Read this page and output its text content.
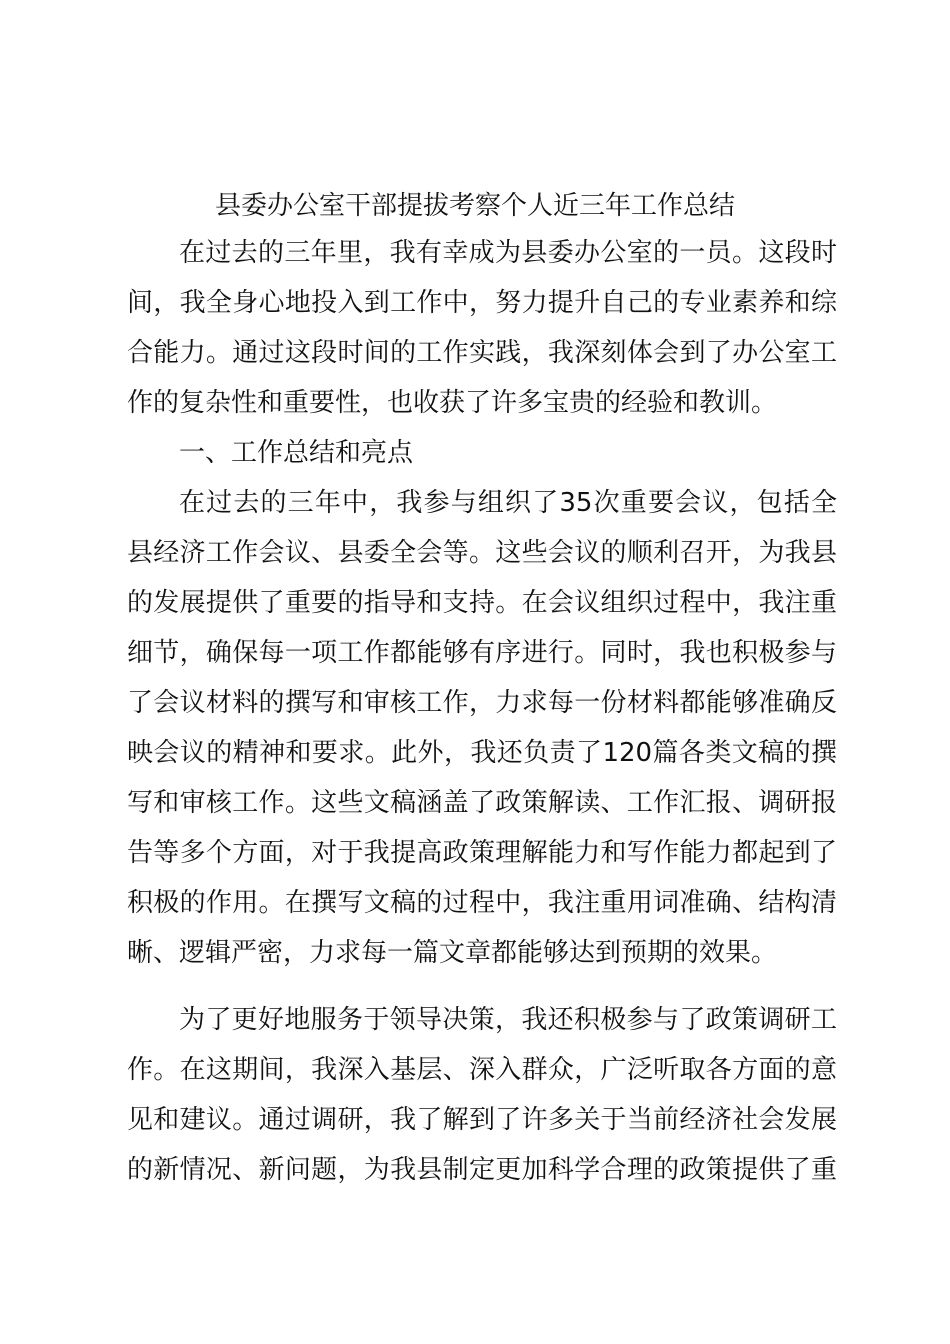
县委办公室干部提拔考察个人近三年工作总结
在过去的三年里，我有幸成为县委办公室的一员。这段时
间，我全身心地投入到工作中，努力提升自己的专业素养和综
合能力。通过这段时间的工作实践，我深刻体会到了办公室工
作的复杂性和重要性，也收获了许多宝贵的经验和教训。
一、工作总结和亮点
在过去的三年中，我参与组织了35次重要会议，包括全
县经济工作会议、县委全会等。这些会议的顺利召开，为我县
的发展提供了重要的指导和支持。在会议组织过程中，我注重
细节，确保每一项工作都能够有序进行。同时，我也积极参与
了会议材料的撰写和审核工作，力求每一份材料都能够准确反
映会议的精神和要求。此外，我还负责了120篇各类文稿的撰
写和审核工作。这些文稿涵盖了政策解读、工作汇报、调研报
告等多个方面，对于我提高政策理解能力和写作能力都起到了
积极的作用。在撰写文稿的过程中，我注重用词准确、结构清
晰、逻辑严密，力求每一篇文章都能够达到预期的效果。
为了更好地服务于领导决策，我还积极参与了政策调研工
作。在这期间，我深入基层、深入群众，广泛听取各方面的意
见和建议。通过调研，我了解到了许多关于当前经济社会发展
的新情况、新问题，为我县制定更加科学合理的政策提供了重
